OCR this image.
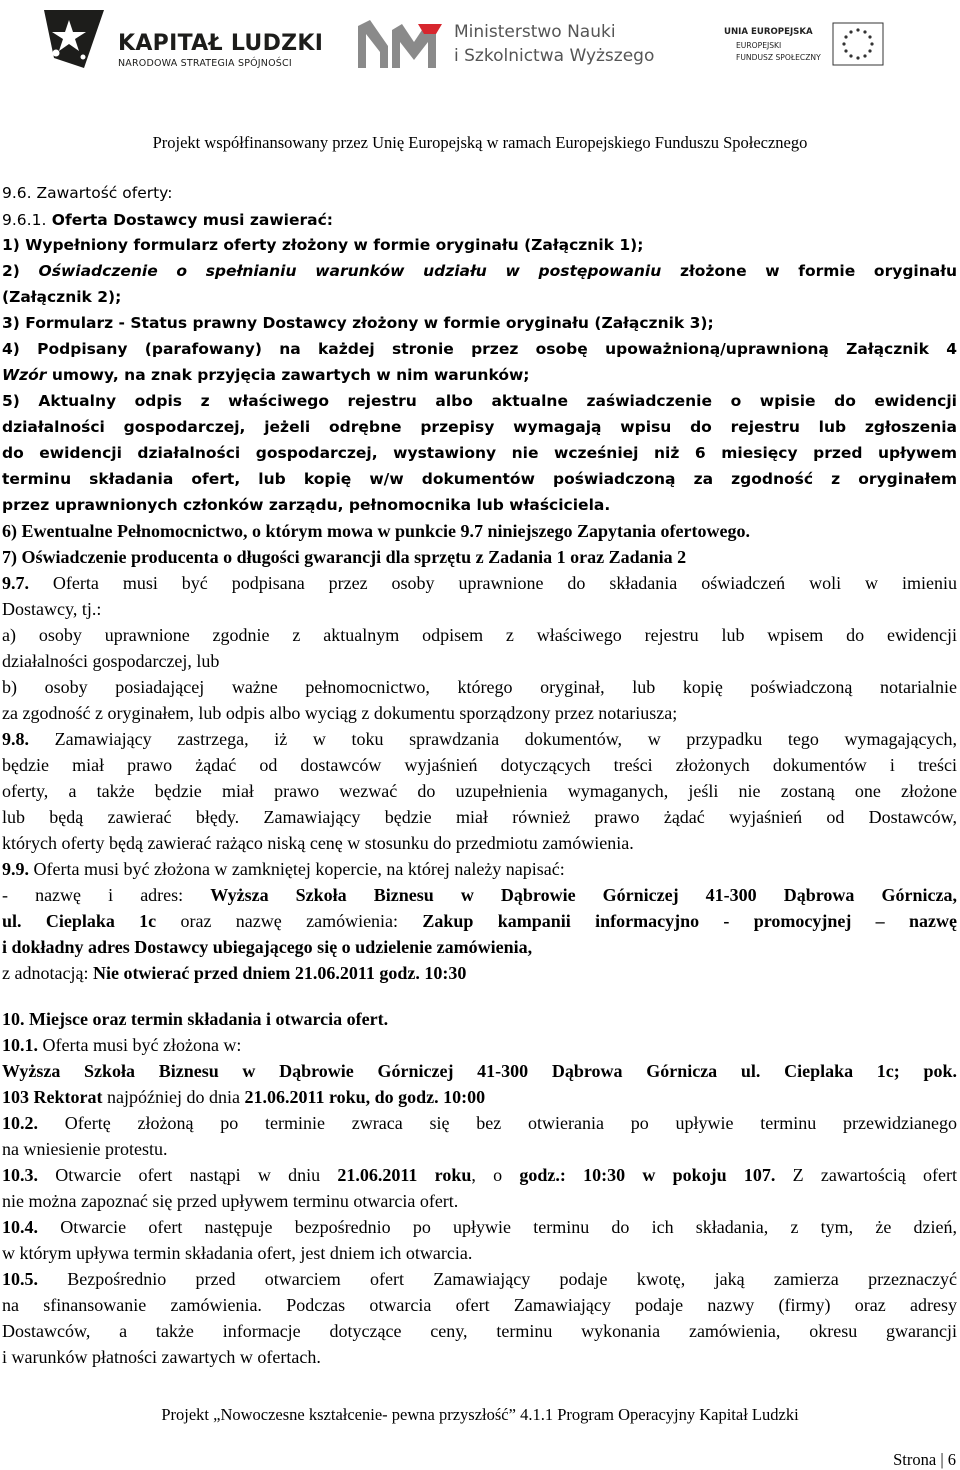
KAPITAŁ LUDZKI
NARODOWA STRATEGIA SPÓJNOŚCI
Ministerstwo Nauki
i Szkolnictwa Wyższego
UNIA EUROPEJSKA
EUROPEJSKI
FUNDUSZ SPOŁECZNY
Projekt współfinansowany przez Unię Europejską w ramach Europejskiego Funduszu Społecznego
9.6. Zawartość oferty:
9.6.1. Oferta Dostawcy musi zawierać:
1) Wypełniony formularz oferty złożony w formie oryginału (Załącznik 1);
2) Oświadczenie o spełnianiu warunków udziału w postępowaniu złożone w formie oryginału
(Załącznik 2);
3) Formularz - Status prawny Dostawcy złożony w formie oryginału (Załącznik 3);
4) Podpisany (parafowany) na każdej stronie przez osobę upoważnioną/uprawnioną Załącznik 4
Wzór umowy, na znak przyjęcia zawartych w nim warunków;
5) Aktualny odpis z właściwego rejestru albo aktualne zaświadczenie o wpisie do ewidencji
działalności gospodarczej, jeżeli odrębne przepisy wymagają wpisu do rejestru lub zgłoszenia
do ewidencji działalności gospodarczej, wystawiony nie wcześniej niż 6 miesięcy przed upływem
terminu składania ofert, lub kopię w/w dokumentów poświadczoną za zgodność z oryginałem
przez uprawnionych członków zarządu, pełnomocnika lub właściciela.
6) Ewentualne Pełnomocnictwo, o którym mowa w punkcie 9.7 niniejszego Zapytania ofertowego.
7) Oświadczenie producenta o długości gwarancji dla sprzętu z Zadania 1 oraz Zadania 2
9.7. Oferta musi być podpisana przez osoby uprawnione do składania oświadczeń woli w imieniu
Dostawcy, tj.:
a) osoby uprawnione zgodnie z aktualnym odpisem z właściwego rejestru lub wpisem do ewidencji
działalności gospodarczej, lub
b) osoby posiadającej ważne pełnomocnictwo, którego oryginał, lub kopię poświadczoną notarialnie
za zgodność z oryginałem, lub odpis albo wyciąg z dokumentu sporządzony przez notariusza;
9.8. Zamawiający zastrzega, iż w toku sprawdzania dokumentów, w przypadku tego wymagających,
będzie miał prawo żądać od dostawców wyjaśnień dotyczących treści złożonych dokumentów i treści
oferty, a także będzie miał prawo wezwać do uzupełnienia wymaganych, jeśli nie zostaną one złożone
lub będą zawierać błędy. Zamawiający będzie miał również prawo żądać wyjaśnień od Dostawców,
których oferty będą zawierać rażąco niską cenę w stosunku do przedmiotu zamówienia.
9.9. Oferta musi być złożona w zamkniętej kopercie, na której należy napisać:
- nazwę i adres: Wyższa Szkoła Biznesu w Dąbrowie Górniczej 41-300 Dąbrowa Górnicza,
ul. Cieplaka 1c oraz nazwę zamówienia: Zakup kampanii informacyjno - promocyjnej – nazwę
i dokładny adres Dostawcy ubiegającego się o udzielenie zamówienia,
z adnotacją: Nie otwierać przed dniem 21.06.2011 godz. 10:30
10. Miejsce oraz termin składania i otwarcia ofert.
10.1. Oferta musi być złożona w:
Wyższa Szkoła Biznesu w Dąbrowie Górniczej 41-300 Dąbrowa Górnicza ul. Cieplaka 1c; pok.
103 Rektorat najpóźniej do dnia 21.06.2011 roku, do godz. 10:00
10.2. Ofertę złożoną po terminie zwraca się bez otwierania po upływie terminu przewidzianego
na wniesienie protestu.
10.3. Otwarcie ofert nastąpi w dniu 21.06.2011 roku, o godz.: 10:30 w pokoju 107. Z zawartością ofert
nie można zapoznać się przed upływem terminu otwarcia ofert.
10.4. Otwarcie ofert następuje bezpośrednio po upływie terminu do ich składania, z tym, że dzień,
w którym upływa termin składania ofert, jest dniem ich otwarcia.
10.5. Bezpośrednio przed otwarciem ofert Zamawiający podaje kwotę, jaką zamierza przeznaczyć
na sfinansowanie zamówienia. Podczas otwarcia ofert Zamawiający podaje nazwy (firmy) oraz adresy
Dostawców, a także informacje dotyczące ceny, terminu wykonania zamówienia, okresu gwarancji
i warunków płatności zawartych w ofertach.
Projekt „Nowoczesne kształcenie- pewna przyszłość” 4.1.1 Program Operacyjny Kapitał Ludzki
Strona | 6
